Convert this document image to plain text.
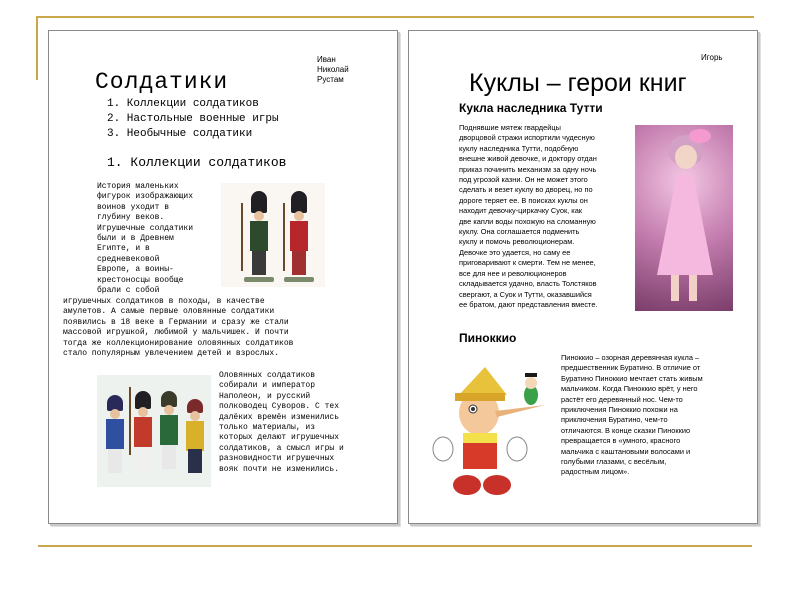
Иван
Николай
Рустам
Солдатики
1. Коллекции солдатиков
2. Настольные военные игры
3. Необычные солдатики
1. Коллекции солдатиков
История маленьких
фигурок изображающих
воинов уходит в
глубину веков.
Игрушечные солдатики
были и в Древнем
Египте, и в
средневековой
Европе, а воины-
крестоносцы вообще
брали с собой
игрушечных солдатиков в походы, в качестве
амулетов. А самые первые оловянные солдатики
появились в 18 веке в Германии и сразу же стали
массовой игрушкой, любимой у мальчишек. И почти
тогда же коллекционирование оловянных солдатиков
стало популярным увлечением детей и взрослых.
Оловянных солдатиков
собирали и император
Наполеон, и русский
полководец Суворов. С тех
далёких времён изменились
только материалы, из
которых делают игрушечных
солдатиков, а смысл игры и
разновидности игрушечных
вояк почти не изменились.
Игорь
Куклы – герои книг
Кукла наследника Тутти
Поднявшие мятеж гвардейцы
дворцовой стражи испортили чудесную
куклу наследника Тутти, подобную
внешне живой девочке, и доктору отдан
приказ починить механизм за одну ночь
под угрозой казни. Он не может этого
сделать и везет куклу во дворец, но по
дороге теряет ее. В поисках куклы он
находит девочку-циркачку Суок, как
две капли воды похожую на сломанную
куклу. Она соглашается подменить
куклу и помочь революционерам.
Девочке это удается, но саму ее
приговаривают к смерти. Тем не менее,
все для нее и революционеров
складывается удачно, власть Толстяков
свергают, а Суок и Тутти, оказавшийся
ее братом, дают представления вместе.
Пиноккио
Пиноккио – озорная деревянная кукла –
предшественник Буратино. В отличие от
Буратино Пиноккио мечтает стать живым
мальчиком. Когда Пиноккио врёт, у него
растёт его деревянный нос. Чем-то
приключения Пиноккио похожи на
приключения Буратино, чем-то
отличаются. В конце сказки Пиноккио
превращается в «умного, красного
мальчика с каштановыми волосами и
голубыми глазами, с весёлым,
радостным лицом».
